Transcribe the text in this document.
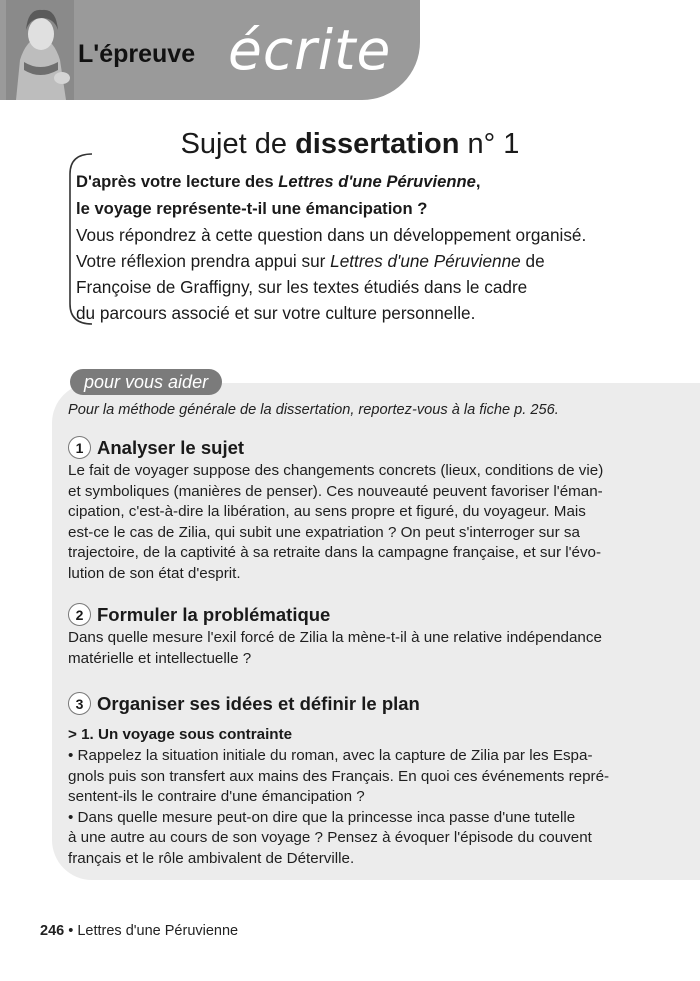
L'épreuve écrite
Sujet de dissertation n° 1
D'après votre lecture des Lettres d'une Péruvienne,
le voyage représente-t-il une émancipation ?
Vous répondrez à cette question dans un développement organisé.
Votre réflexion prendra appui sur Lettres d'une Péruvienne de
Françoise de Graffigny, sur les textes étudiés dans le cadre
du parcours associé et sur votre culture personnelle.
pour vous aider
Pour la méthode générale de la dissertation, reportez-vous à la fiche p. 256.
1 Analyser le sujet
Le fait de voyager suppose des changements concrets (lieux, conditions de vie)
et symboliques (manières de penser). Ces nouveauté peuvent favoriser l'éman-
cipation, c'est-à-dire la libération, au sens propre et figuré, du voyageur. Mais
est-ce le cas de Zilia, qui subit une expatriation ? On peut s'interroger sur sa
trajectoire, de la captivité à sa retraite dans la campagne française, et sur l'évo-
lution de son état d'esprit.
2 Formuler la problématique
Dans quelle mesure l'exil forcé de Zilia la mène-t-il à une relative indépendance
matérielle et intellectuelle ?
3 Organiser ses idées et définir le plan
> 1. Un voyage sous contrainte
• Rappelez la situation initiale du roman, avec la capture de Zilia par les Espa-
gnols puis son transfert aux mains des Français. En quoi ces événements repré-
sentent-ils le contraire d'une émancipation ?
• Dans quelle mesure peut-on dire que la princesse inca passe d'une tutelle
à une autre au cours de son voyage ? Pensez à évoquer l'épisode du couvent
français et le rôle ambivalent de Déterville.
246 • Lettres d'une Péruvienne
